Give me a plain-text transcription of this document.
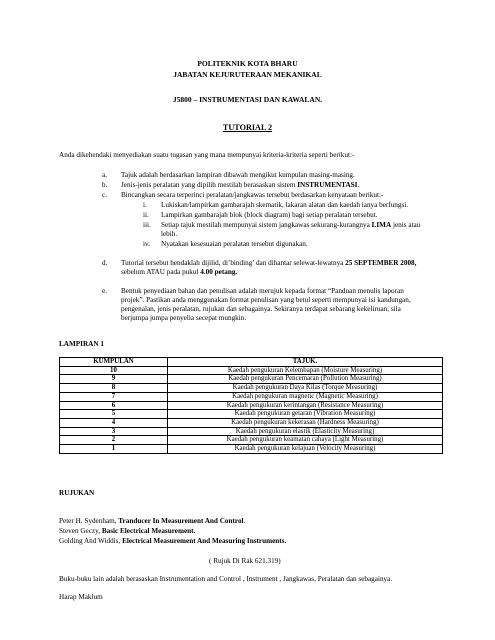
POLITEKNIK KOTA BHARU
JABATAN KEJURUTERAAN MEKANIKAL
J5800 – INSTRUMENTASI DAN KAWALAN.
TUTORIAL 2
Anda dikehendaki menyediakan suatu tugasan yang mana mempunyai kriteria-kriteria seperti berikut:-
a. Tajuk adalah berdasarkan lampiran dibawah mengikut kumpulan masing-masing.
b. Jenis-jenis peralatan yang dipilih mestilah berasaskan sistem INSTRUMENTASI.
c. Bincangkan secara terperinci peralatan/jangkawas tersebut berdasarkan kenyataan berikut:-
i. Lukiskan/lampirkan gambarajah skematik, lakaran alatan dan kaedah ianya berfungsi.
ii. Lampirkan gambarajah blok (block diagram) bagi setiap peralatan tersebut.
iii. Setiap tajuk mestilah mempunyai sistem jangkawas sekurang-kurangnya LIMA jenis atau
lebih.
iv. Nyatakan kesesuaian peralatan tersebut digunakan.
d. Tutorial tersebut hendaklah dijilid, di’binding’ dan dihantar selewat-lewatnya 25 SEPTEMBER 2008,
sebelum ATAU pada pukul 4.00 petang.
e. Bentuk penyediaan bahan dan penulisan adalah merujuk kepada format “Panduan menulis laporan
projek”. Pastikan anda menggunakan format penulisan yang betul seperti mempunyai isi kandungan,
pengenalan, jenis peralatan, rujukan dan sebagainya. Sekiranya terdapat sebarang kekeliruan, sila
berjumpa jumpa penyelia secepat mungkin.
LAMPIRAN 1
KUMPULAN	TAJUK.
10	Kaedah pengukuran Kelembapan (Moisture Measuring)
9	Kaedah pengukuran Pencemaran (Pollution Measuring)
8	Kaedah pengukuran Daya Kilas (Torque Measuring)
7	Kaedah pengukuran magnetic (Magnetic Measuring)
6	Kaedah pengukuran kerintangan (Resistance Measuring)
5	Kaedah pengukuran getaran (Vibration Measuring)
4	Kaedah pengukuran kekerasan (Hardness Measuring)
3	Kaedah pengukuran elastik (Elasticity Measuring)
2	Kaedah pengukuran keamatan cahaya (Light Measuring)
1	Kaedah pengukuran kelajuan (Velocity Measuring)
RUJUKAN
Peter H. Sydenham, Tranducer In Measurement And Control.
Steven Geczy, Basic Electrical Measurement.
Golding And Widdis, Electrical Measurement And Measuring Instruments.
( Rujuk Di Rak 621.319)
Buku-buku lain adalah berasaskan Instrumentation and Control , Instrument , Jangkawas, Peralatan dan sebagainya.
Harap Maklum
